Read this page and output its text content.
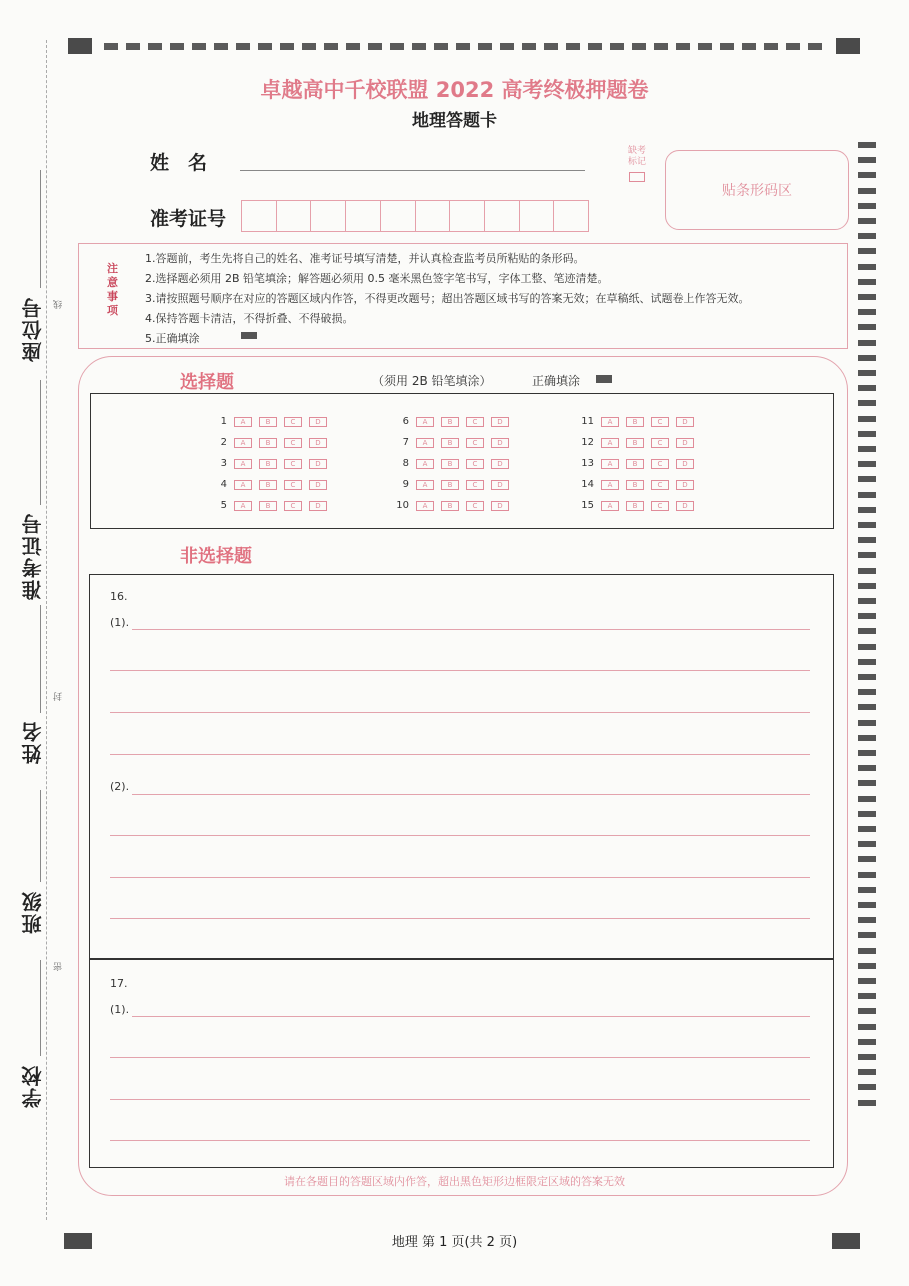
座位号
准考证号
姓名
班级
学校
线
封
密
卓越高中千校联盟 2022 高考终极押题卷
地理答题卡
姓　名
准考证号
缺考
标记
贴条形码区
注
意
事
项
1.答题前，考生先将自己的姓名、准考证号填写清楚，并认真检查监考员所粘贴的条形码。
2.选择题必须用 2B 铅笔填涂；解答题必须用 0.5 毫米黑色签字笔书写，字体工整、笔迹清楚。
3.请按照题号顺序在对应的答题区域内作答，不得更改题号；超出答题区域书写的答案无效；在草稿纸、试题卷上作答无效。
4.保持答题卡清洁，不得折叠、不得破损。
5.正确填涂
选择题	（须用 2B 铅笔填涂）	正确填涂
1	A	B	C	D
2	A	B	C	D
3	A	B	C	D
4	A	B	C	D
5	A	B	C	D
6	A	B	C	D
7	A	B	C	D
8	A	B	C	D
9	A	B	C	D
10	A	B	C	D
11	A	B	C	D
12	A	B	C	D
13	A	B	C	D
14	A	B	C	D
15	A	B	C	D
非选择题
16.
(1).
(2).
17.
(1).
请在各题目的答题区域内作答，超出黑色矩形边框限定区域的答案无效
地理 第 1 页(共 2 页)
